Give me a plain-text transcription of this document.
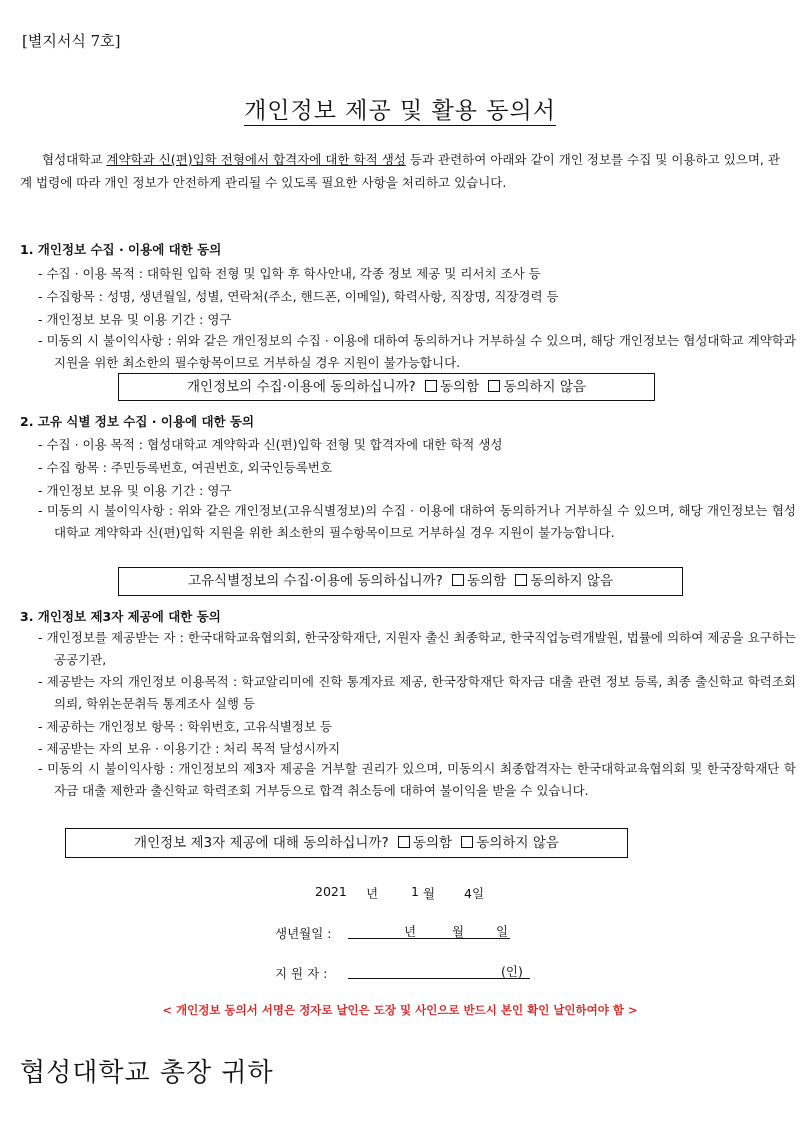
[별지서식 7호]
개인정보 제공 및 활용 동의서
협성대학교 계약학과 신(편)입학 전형에서 합격자에 대한 학적 생성 등과 관련하여 아래와 같이 개인 정보를 수집 및 이용하고 있으며, 관계 법령에 따라 개인 정보가 안전하게 관리될 수 있도록 필요한 사항을 처리하고 있습니다.
1. 개인정보 수집 · 이용에 대한 동의
- 수집 · 이용 목적 : 대학원 입학 전형 및 입학 후 학사안내, 각종 정보 제공 및 리서치 조사 등
- 수집항목 : 성명, 생년월일, 성별, 연락처(주소, 핸드폰, 이메일), 학력사항, 직장명, 직장경력 등
- 개인정보 보유 및 이용 기간 : 영구
- 미동의 시 불이익사항 : 위와 같은 개인정보의 수집 · 이용에 대하여 동의하거나 거부하실 수 있으며, 해당 개인정보는 협성대학교 계약학과 지원을 위한 최소한의 필수항목이므로 거부하실 경우 지원이 불가능합니다.
개인정보의 수집·이용에 동의하십니까? 동의함 동의하지 않음
2. 고유 식별 정보 수집 · 이용에 대한 동의
- 수집 · 이용 목적 : 협성대학교 계약학과 신(편)입학 전형 및 합격자에 대한 학적 생성
- 수집 항목 : 주민등록번호, 여권번호, 외국인등록번호
- 개인정보 보유 및 이용 기간 : 영구
- 미동의 시 불이익사항 : 위와 같은 개인정보(고유식별정보)의 수집 · 이용에 대하여 동의하거나 거부하실 수 있으며, 해당 개인정보는 협성대학교 계약학과 신(편)입학 지원을 위한 최소한의 필수항목이므로 거부하실 경우 지원이 불가능합니다.
고유식별정보의 수집·이용에 동의하십니까? 동의함 동의하지 않음
3. 개인정보 제3자 제공에 대한 동의
- 개인정보를 제공받는 자 : 한국대학교육협의회, 한국장학재단, 지원자 출신 최종학교, 한국직업능력개발원, 법률에 의하여 제공을 요구하는 공공기관,
- 제공받는 자의 개인정보 이용목적 : 학교알리미에 진학 통계자료 제공, 한국장학재단 학자금 대출 관련 정보 등록, 최종 출신학교 학력조회 의뢰, 학위논문취득 통계조사 실행 등
- 제공하는 개인정보 항목 : 학위번호, 고유식별정보 등
- 제공받는 자의 보유 · 이용기간 : 처리 목적 달성시까지
- 미동의 시 불이익사항 : 개인정보의 제3자 제공을 거부할 권리가 있으며, 미동의시 최종합격자는 한국대학교육협의회 및 한국장학재단 학자금 대출 제한과 출신학교 학력조회 거부등으로 합격 취소등에 대하여 불이익을 받을 수 있습니다.
개인정보 제3자 제공에 대해 동의하십니까? 동의함 동의하지 않음
2021 년	1 월 4일
생년월일 :	년	월	일
지 원 자 :	(인)
< 개인정보 동의서 서명은 정자로 날인은 도장 및 사인으로 반드시 본인 확인 날인하여야 함 >
협성대학교 총장 귀하
